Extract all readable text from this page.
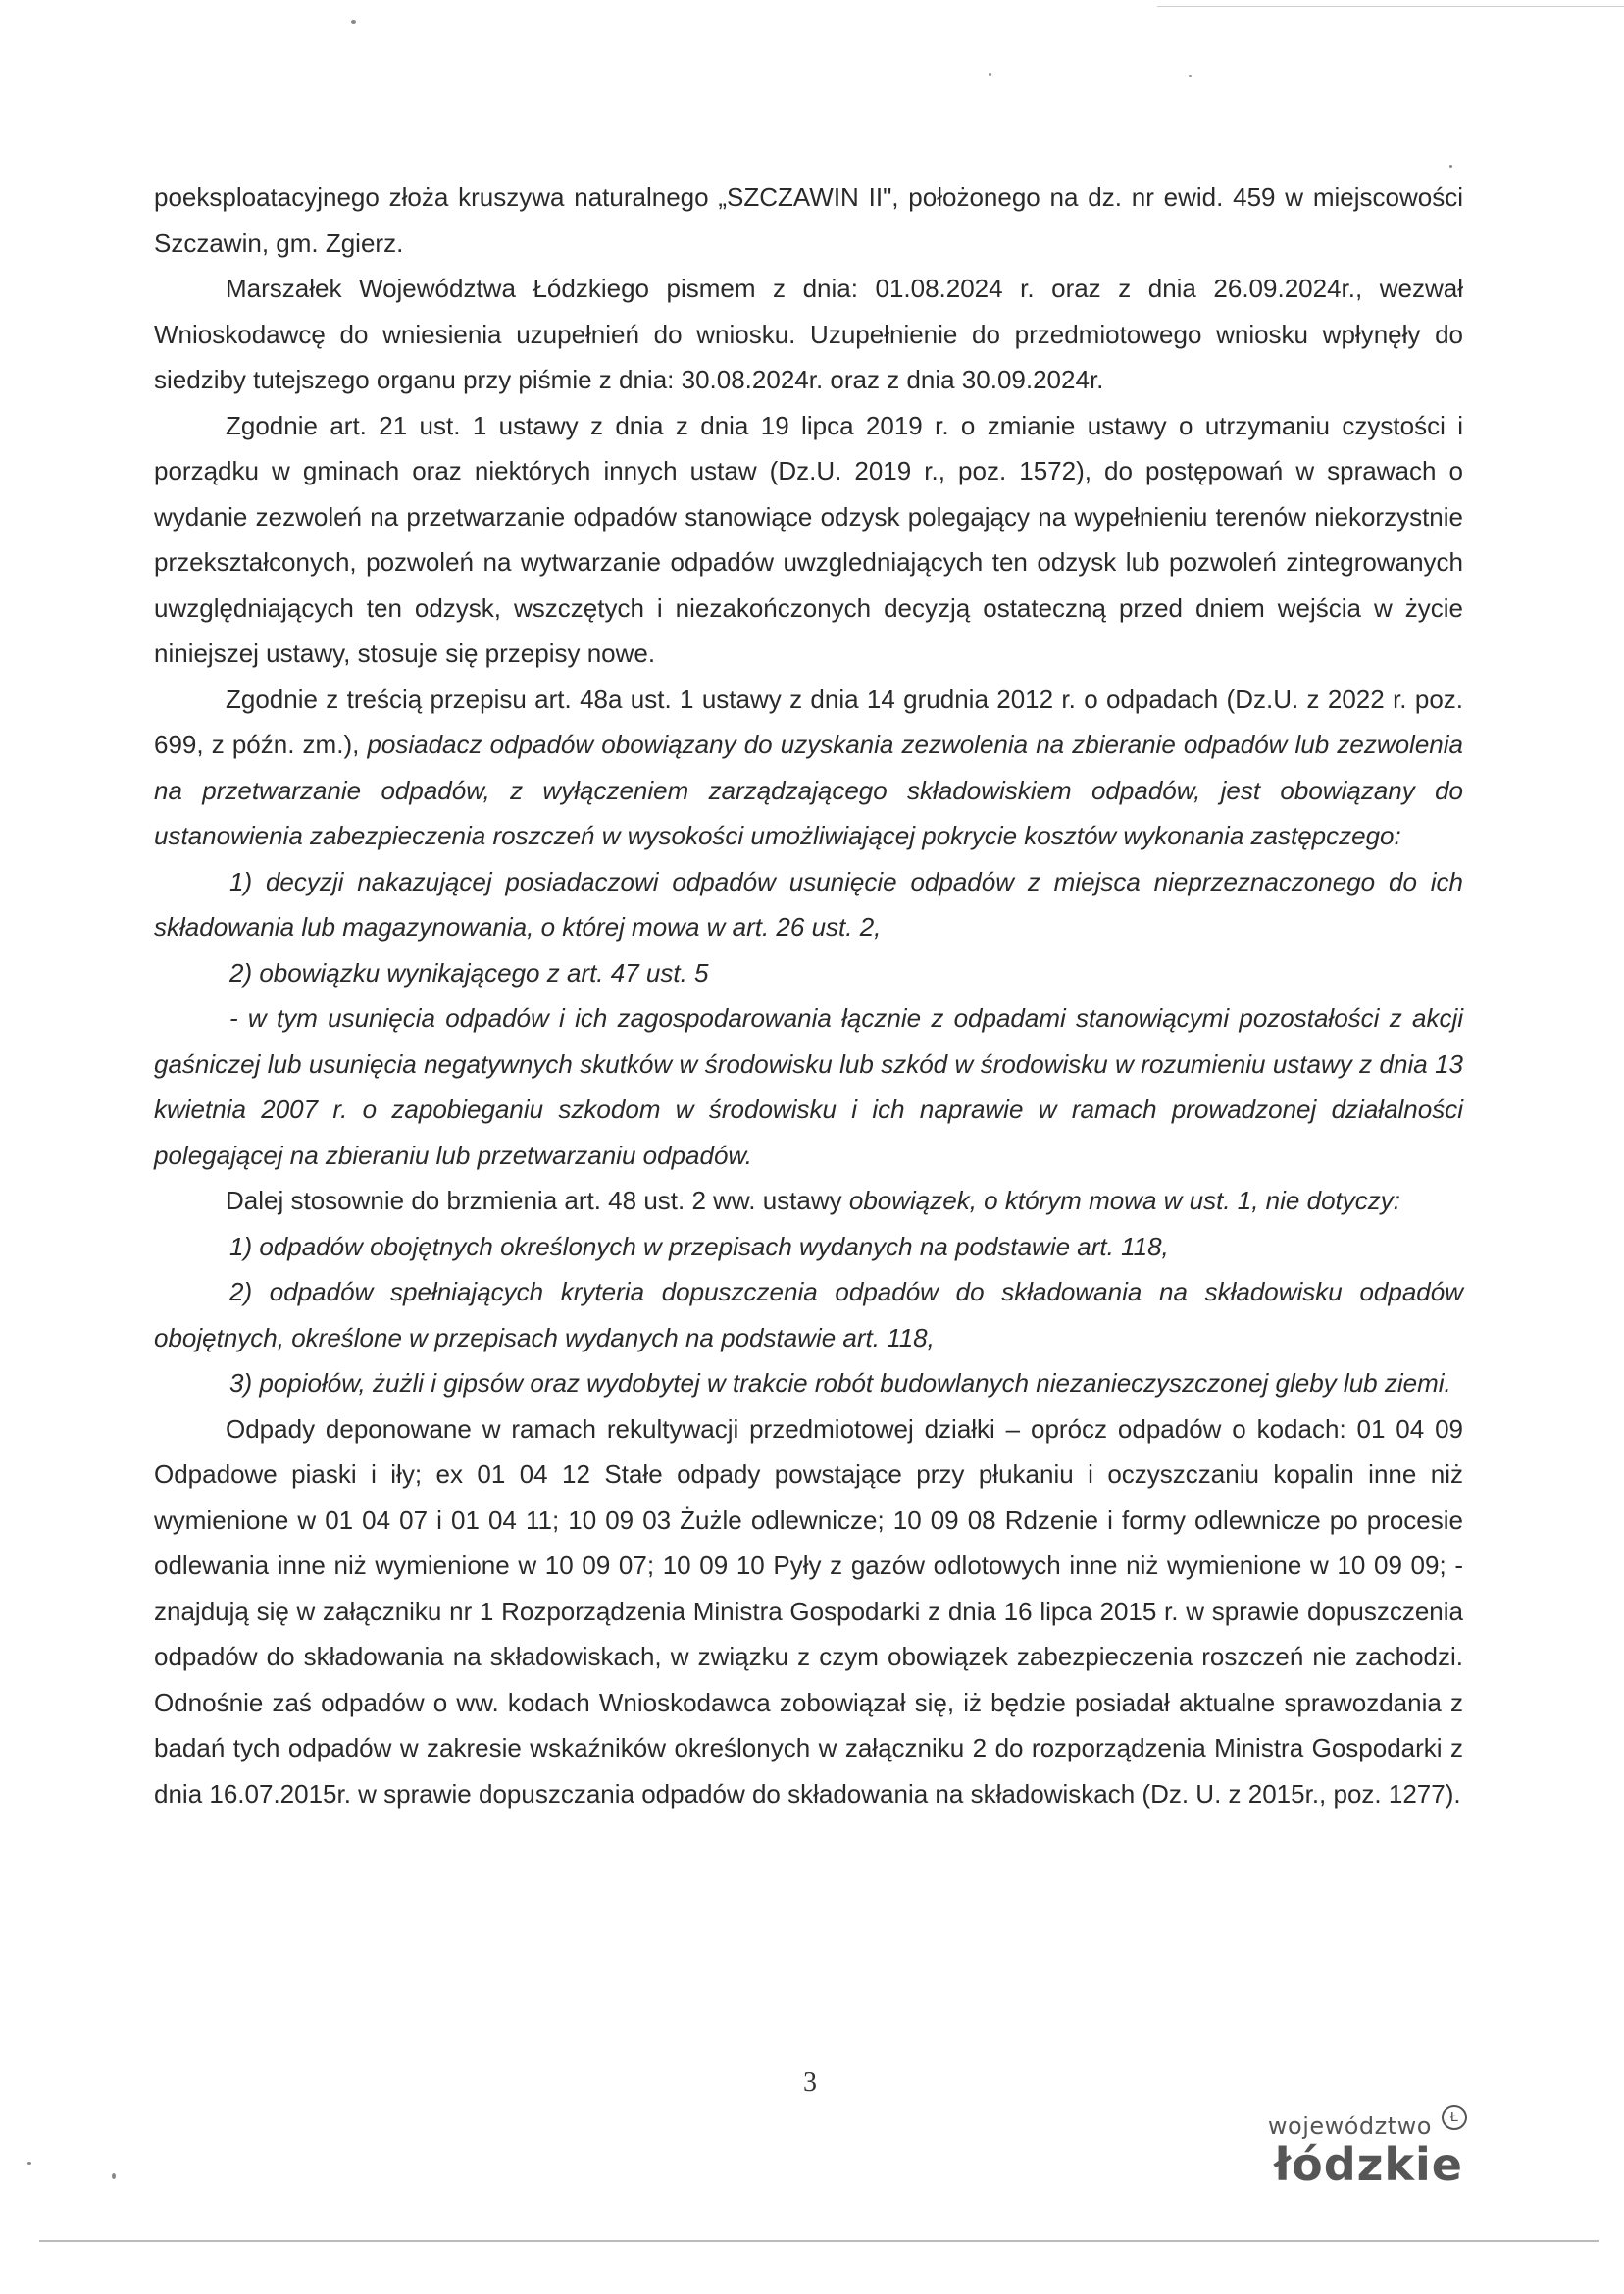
poeksploatacyjnego złoża kruszywa naturalnego „SZCZAWIN II", położonego na dz. nr ewid. 459 w miejscowości Szczawin, gm. Zgierz.

Marszałek Województwa Łódzkiego pismem z dnia: 01.08.2024 r. oraz z dnia 26.09.2024r., wezwał Wnioskodawcę do wniesienia uzupełnień do wniosku. Uzupełnienie do przedmiotowego wniosku wpłynęły do siedziby tutejszego organu przy piśmie z dnia: 30.08.2024r. oraz z dnia 30.09.2024r.

Zgodnie art. 21 ust. 1 ustawy z dnia z dnia 19 lipca 2019 r. o zmianie ustawy o utrzymaniu czystości i porządku w gminach oraz niektórych innych ustaw (Dz.U. 2019 r., poz. 1572), do postępowań w sprawach o wydanie zezwoleń na przetwarzanie odpadów stanowiące odzysk polegający na wypełnieniu terenów niekorzystnie przekształconych, pozwoleń na wytwarzanie odpadów uwzgledniających ten odzysk lub pozwoleń zintegrowanych uwzględniających ten odzysk, wszczętych i niezakończonych decyzją ostateczną przed dniem wejścia w życie niniejszej ustawy, stosuje się przepisy nowe.

Zgodnie z treścią przepisu art. 48a ust. 1 ustawy z dnia 14 grudnia 2012 r. o odpadach (Dz.U. z 2022 r. poz. 699, z późn. zm.), posiadacz odpadów obowiązany do uzyskania zezwolenia na zbieranie odpadów lub zezwolenia na przetwarzanie odpadów, z wyłączeniem zarządzającego składowiskiem odpadów, jest obowiązany do ustanowienia zabezpieczenia roszczeń w wysokości umożliwiającej pokrycie kosztów wykonania zastępczego:

1) decyzji nakazującej posiadaczowi odpadów usunięcie odpadów z miejsca nieprzeznaczonego do ich składowania lub magazynowania, o której mowa w art. 26 ust. 2,

2) obowiązku wynikającego z art. 47 ust. 5

- w tym usunięcia odpadów i ich zagospodarowania łącznie z odpadami stanowiącymi pozostałości z akcji gaśniczej lub usunięcia negatywnych skutków w środowisku lub szkód w środowisku w rozumieniu ustawy z dnia 13 kwietnia 2007 r. o zapobieganiu szkodom w środowisku i ich naprawie w ramach prowadzonej działalności polegającej na zbieraniu lub przetwarzaniu odpadów.

Dalej stosownie do brzmienia art. 48 ust. 2 ww. ustawy obowiązek, o którym mowa w ust. 1, nie dotyczy:

1) odpadów obojętnych określonych w przepisach wydanych na podstawie art. 118,

2) odpadów spełniających kryteria dopuszczenia odpadów do składowania na składowisku odpadów obojętnych, określone w przepisach wydanych na podstawie art. 118,

3) popiołów, żużli i gipsów oraz wydobytej w trakcie robót budowlanych niezanieczyszczonej gleby lub ziemi.

Odpady deponowane w ramach rekultywacji przedmiotowej działki – oprócz odpadów o kodach: 01 04 09 Odpadowe piaski i iły; ex 01 04 12 Stałe odpady powstające przy płukaniu i oczyszczaniu kopalin inne niż wymienione w 01 04 07 i 01 04 11; 10 09 03 Żużle odlewnicze; 10 09 08 Rdzenie i formy odlewnicze po procesie odlewania inne niż wymienione w 10 09 07; 10 09 10 Pyły z gazów odlotowych inne niż wymienione w 10 09 09; - znajdują się w załączniku nr 1 Rozporządzenia Ministra Gospodarki z dnia 16 lipca 2015 r. w sprawie dopuszczenia odpadów do składowania na składowiskach, w związku z czym obowiązek zabezpieczenia roszczeń nie zachodzi. Odnośnie zaś odpadów o ww. kodach Wnioskodawca zobowiązał się, iż będzie posiadał aktualne sprawozdania z badań tych odpadów w zakresie wskaźników określonych w załączniku 2 do rozporządzenia Ministra Gospodarki z dnia 16.07.2015r. w sprawie dopuszczania odpadów do składowania na składowiskach (Dz. U. z 2015r., poz. 1277).

3
województwo	Ł
łódzkie
